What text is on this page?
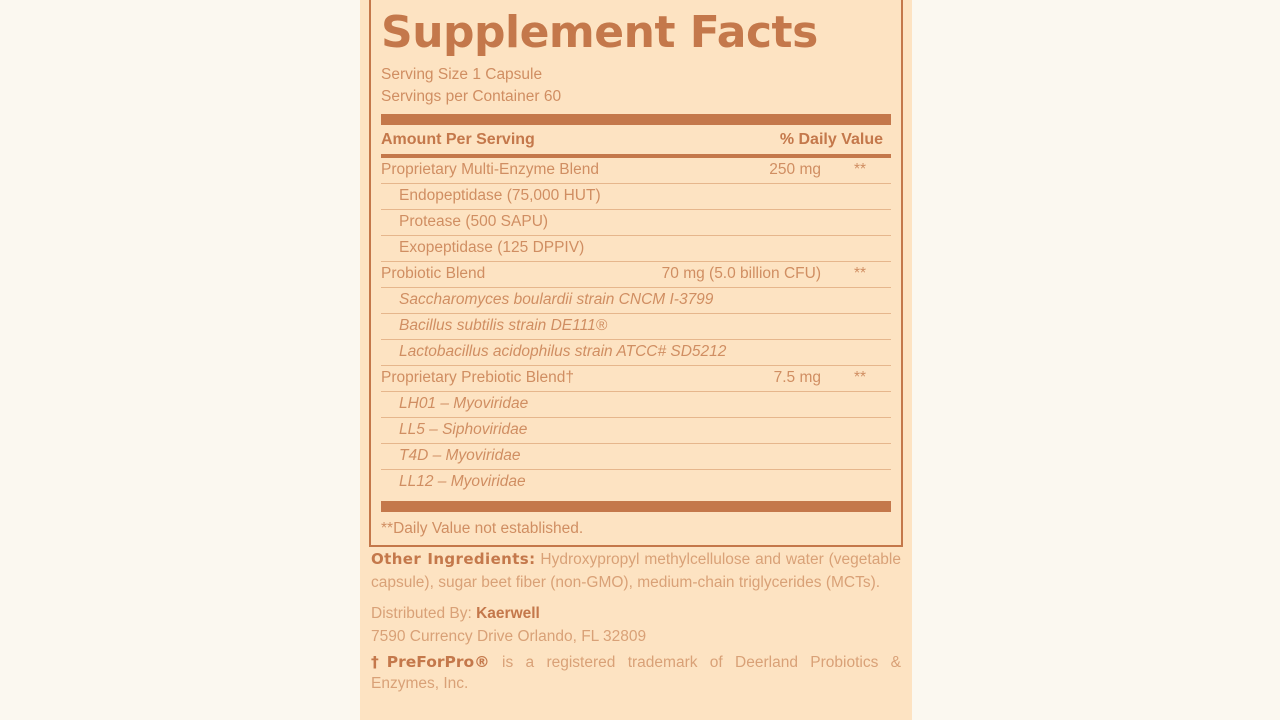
Supplement Facts
Serving Size 1 Capsule
Servings per Container 60
Amount Per Serving	% Daily Value
Proprietary Multi-Enzyme Blend	250 mg	**
Endopeptidase (75,000 HUT)
Protease (500 SAPU)
Exopeptidase (125 DPPIV)
Probiotic Blend	70 mg (5.0 billion CFU)	**
Saccharomyces boulardii strain CNCM I-3799
Bacillus subtilis strain DE111®
Lactobacillus acidophilus strain ATCC# SD5212
Proprietary Prebiotic Blend†	7.5 mg	**
LH01 – Myoviridae
LL5 – Siphoviridae
T4D – Myoviridae
LL12 – Myoviridae
**Daily Value not established.
Other Ingredients: Hydroxypropyl methylcellulose and water (vegetable capsule), sugar beet fiber (non-GMO), medium-chain triglycerides (MCTs).
Distributed By: Kaerwell
7590 Currency Drive Orlando, FL 32809
†PreForPro® is a registered trademark of Deerland Probiotics & Enzymes, Inc.
